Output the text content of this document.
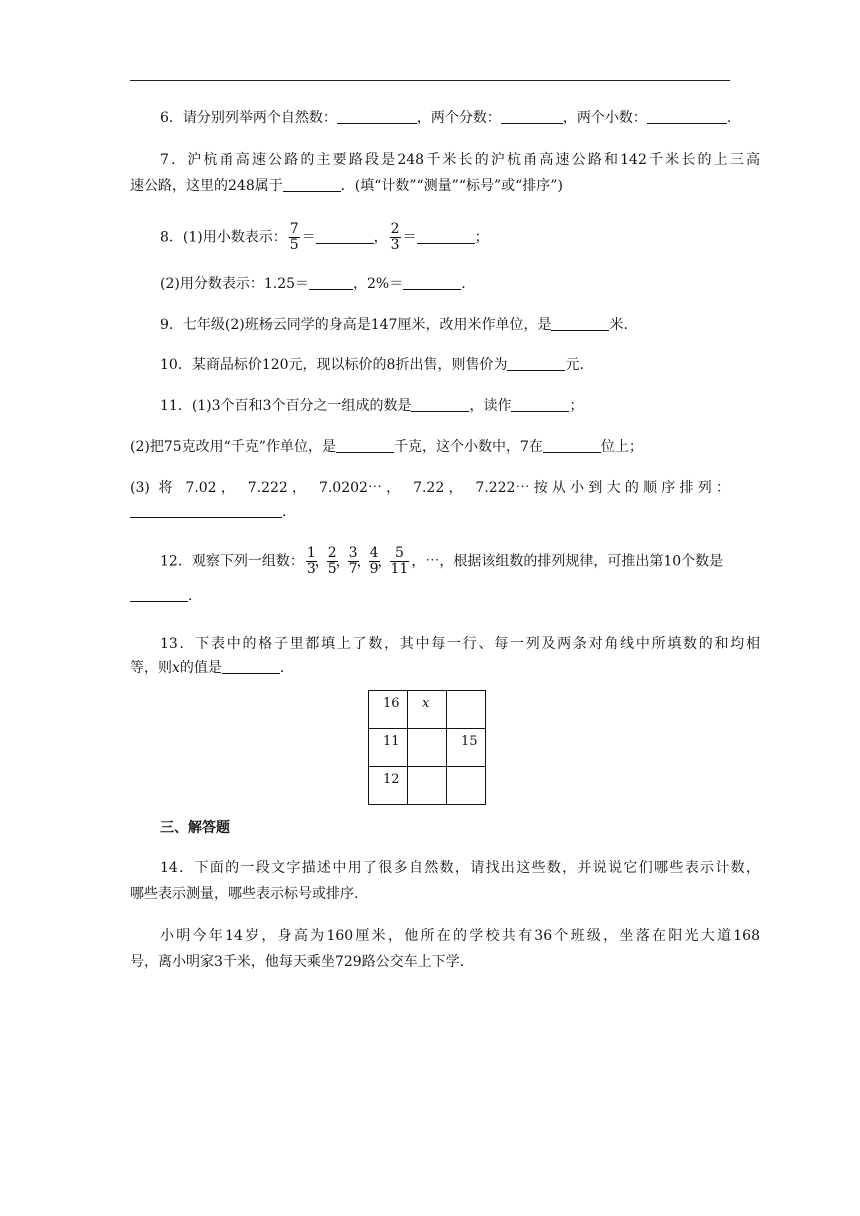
6．请分别列举两个自然数：	，两个分数：	，两个小数：	.
7．沪杭甬高速公路的主要路段是248千米长的沪杭甬高速公路和142千米长的上三高
速公路，这里的248属于	．(填“计数”“测量”“标号”或“排序”)
8．(1)用小数表示： $\frac{7}{5}$ ＝	， $\frac{2}{3}$ ＝	；
(2)用分数表示：1.25＝	，2%＝	.
9．七年级(2)班杨云同学的身高是147厘米，改用米作单位，是	米.
10．某商品标价120元，现以标价的8折出售，则售价为	元.
11．(1)3个百和3个百分之一组成的数是	，读作	；
(2)把75克改用“千克”作单位，是	千克，这个小数中，7在	位上；
(3) 将 7.02， 7.222， 7.0202⋯， 7.22， 7.222⋯按从小到大的顺序排列：
.
12．观察下列一组数： $\frac{1}{3}$
，
$\frac{2}{5}$
，
$\frac{3}{7}$
，
$\frac{4}{9}$
，
$\frac{5}{11}$ ，⋯，根据该组数的排列规律，可推出第10个数是
.
13．下表中的格子里都填上了数，其中每一行、每一列及两条对角线中所填数的和均相
等，则x的值是	.
16	x	
11		15
12		
三、解答题
14．下面的一段文字描述中用了很多自然数，请找出这些数，并说说它们哪些表示计数，
哪些表示测量，哪些表示标号或排序.
小明今年14岁，身高为160厘米，他所在的学校共有36个班级，坐落在阳光大道168
号，离小明家3千米，他每天乘坐729路公交车上下学.
